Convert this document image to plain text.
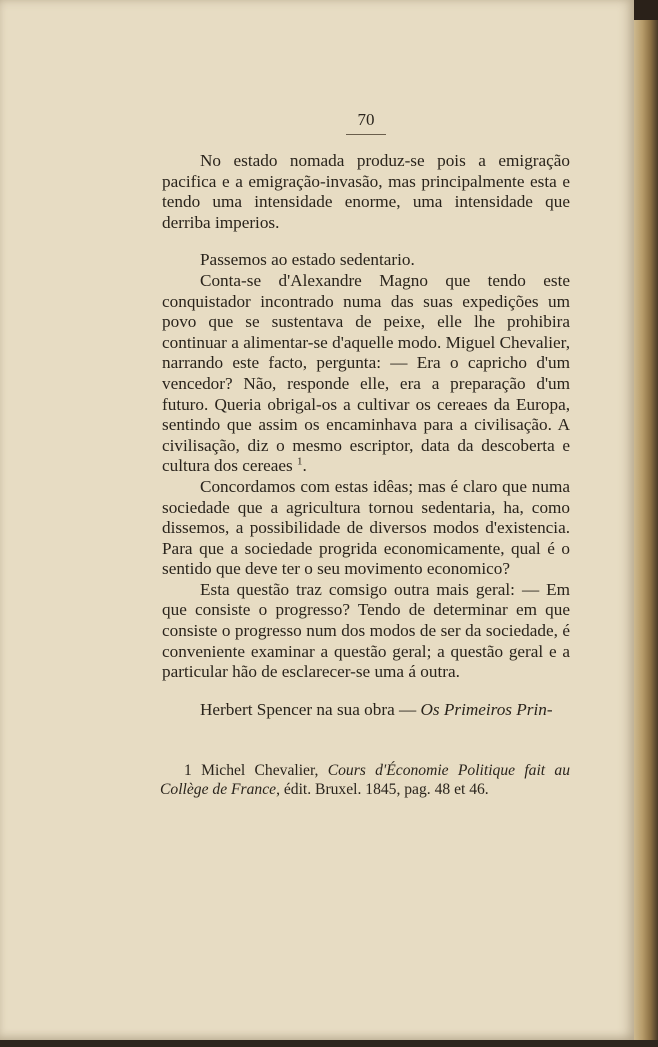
70

No estado nomada produz-se pois a emigração pacifica e a emigração-invasão, mas principalmente esta e tendo uma intensidade enorme, uma intensidade que derriba imperios.

Passemos ao estado sedentario.

Conta-se d'Alexandre Magno que tendo este conquistador incontrado numa das suas expedições um povo que se sustentava de peixe, elle lhe prohibira continuar a alimentar-se d'aquelle modo. Miguel Chevalier, narrando este facto, pergunta: — Era o capricho d'um vencedor? Não, responde elle, era a preparação d'um futuro. Queria obrigal-os a cultivar os cereaes da Europa, sentindo que assim os encaminhava para a civilisação. A civilisação, diz o mesmo escriptor, data da descoberta e cultura dos cereaes $^1$.

Concordamos com estas idêas; mas é claro que numa sociedade que a agricultura tornou sedentaria, ha, como dissemos, a possibilidade de diversos modos d'existencia. Para que a sociedade progrida economicamente, qual é o sentido que deve ter o seu movimento economico?

Esta questão traz comsigo outra mais geral: — Em que consiste o progresso? Tendo de determinar em que consiste o progresso num dos modos de ser da sociedade, é conveniente examinar a questão geral; a questão geral e a particular hão de esclarecer-se uma á outra.

Herbert Spencer na sua obra — Os Primeiros Prin-

1 Michel Chevalier, Cours d'Économie Politique fait au Collège de France, édit. Bruxel. 1845, pag. 48 et 46.
